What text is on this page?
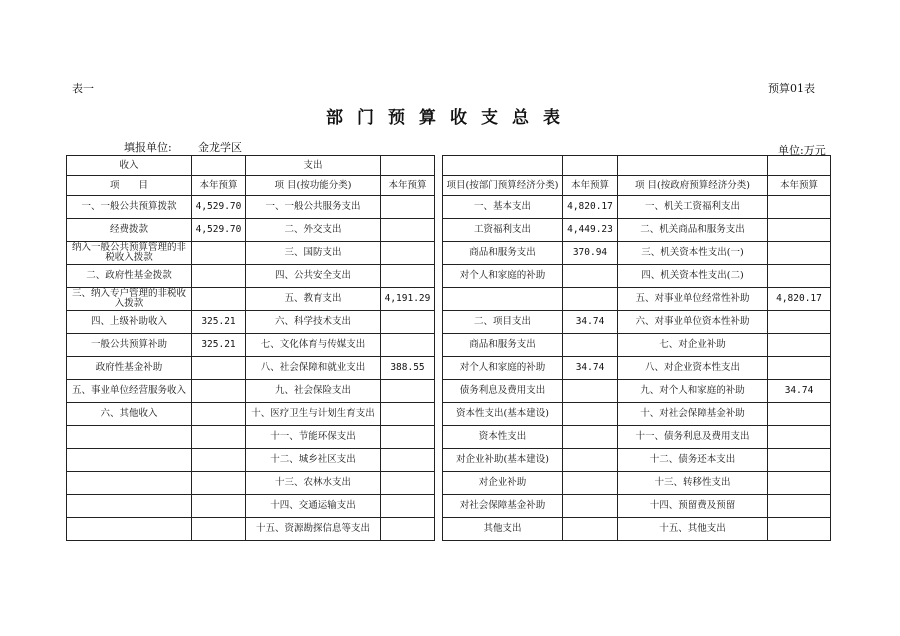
表一	预算01表
部门预算收支总表
填报单位: 金龙学区	单位:万元
收入		支出						
项　　目	本年预算	项 目(按功能分类)	本年预算		项目(按部门预算经济分类)	本年预算	项 目(按政府预算经济分类)	本年预算
一、一般公共预算拨款	4,529.70	一、一般公共服务支出			一、基本支出	4,820.17	一、机关工资福利支出	
经费拨款	4,529.70	二、外交支出			工资福利支出	4,449.23	二、机关商品和服务支出	
纳入一般公共预算管理的非税收入拨款		三、国防支出			商品和服务支出	370.94	三、机关资本性支出(一)	
二、政府性基金拨款		四、公共安全支出			对个人和家庭的补助		四、机关资本性支出(二)	
三、纳入专户管理的非税收入拨款		五、教育支出	4,191.29				五、对事业单位经常性补助	4,820.17
四、上级补助收入	325.21	六、科学技术支出			二、项目支出	34.74	六、对事业单位资本性补助	
一般公共预算补助	325.21	七、文化体育与传媒支出			商品和服务支出		七、对企业补助	
政府性基金补助		八、社会保障和就业支出	388.55		对个人和家庭的补助	34.74	八、对企业资本性支出	
五、事业单位经营服务收入		九、社会保险支出			债务利息及费用支出		九、对个人和家庭的补助	34.74
六、其他收入		十、医疗卫生与计划生育支出			资本性支出(基本建设)		十、对社会保障基金补助	
		十一、节能环保支出			资本性支出		十一、债务利息及费用支出	
		十二、城乡社区支出			对企业补助(基本建设)		十二、债务还本支出	
		十三、农林水支出			对企业补助		十三、转移性支出	
		十四、交通运输支出			对社会保障基金补助		十四、预留费及预留	
		十五、资源勘探信息等支出			其他支出		十五、其他支出	
